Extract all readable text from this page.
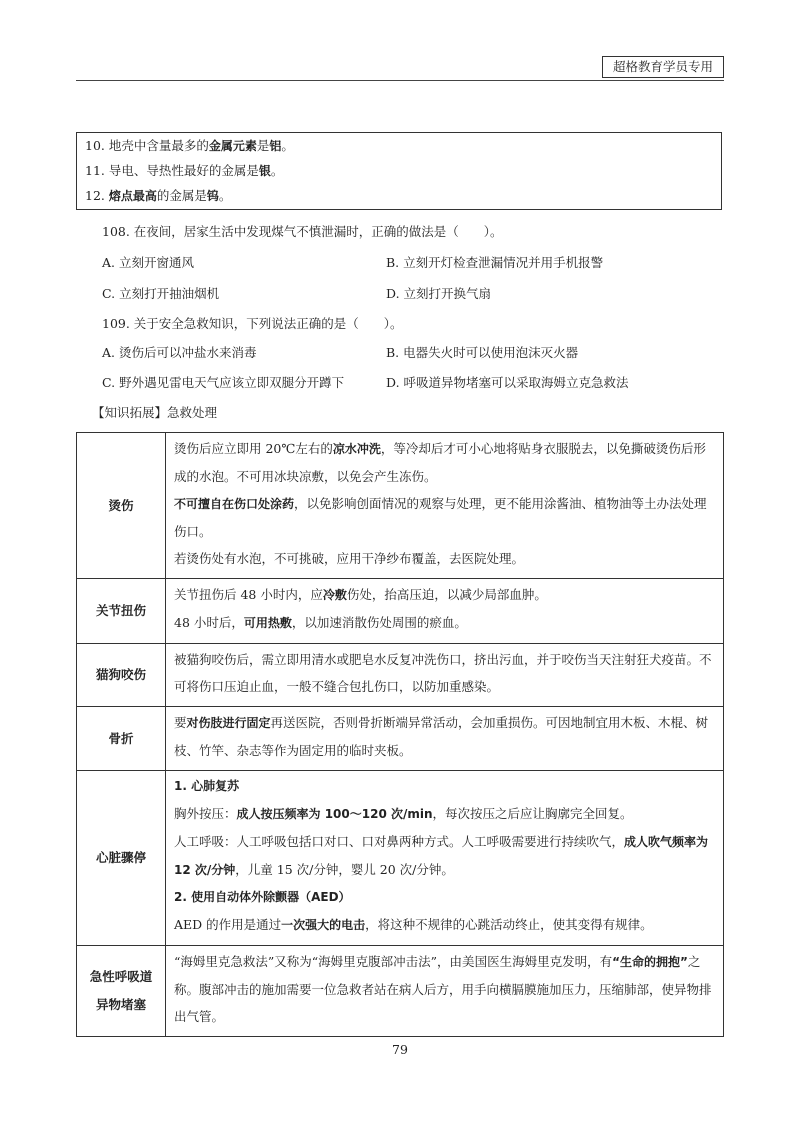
超格教育学员专用
10. 地壳中含量最多的金属元素是铝。
11. 导电、导热性最好的金属是银。
12. 熔点最高的金属是钨。
108. 在夜间，居家生活中发现煤气不慎泄漏时，正确的做法是（　　）。
A. 立刻开窗通风	B. 立刻开灯检查泄漏情况并用手机报警
C. 立刻打开抽油烟机	D. 立刻打开换气扇
109. 关于安全急救知识，下列说法正确的是（　　）。
A. 烫伤后可以冲盐水来消毒	B. 电器失火时可以使用泡沫灭火器
C. 野外遇见雷电天气应该立即双腿分开蹲下	D. 呼吸道异物堵塞可以采取海姆立克急救法
【知识拓展】急救处理
烫伤	烫伤后应立即用 20℃左右的凉水冲洗，等冷却后才可小心地将贴身衣服脱去，以免撕破烫伤后形成的水泡。不可用冰块凉敷，以免会产生冻伤。
不可擅自在伤口处涂药，以免影响创面情况的观察与处理，更不能用涂酱油、植物油等土办法处理伤口。
若烫伤处有水泡，不可挑破，应用干净纱布覆盖，去医院处理。

关节扭伤	关节扭伤后 48 小时内，应冷敷伤处，抬高压迫，以减少局部血肿。
48 小时后，可用热敷，以加速消散伤处周围的瘀血。

猫狗咬伤	被猫狗咬伤后，需立即用清水或肥皂水反复冲洗伤口，挤出污血，并于咬伤当天注射狂犬疫苗。不可将伤口压迫止血，一般不缝合包扎伤口，以防加重感染。

骨折	要对伤肢进行固定再送医院，否则骨折断端异常活动，会加重损伤。可因地制宜用木板、木棍、树枝、竹竿、杂志等作为固定用的临时夹板。

心脏骤停	1. 心肺复苏
胸外按压：成人按压频率为 100～120 次/min，每次按压之后应让胸廓完全回复。
人工呼吸：人工呼吸包括口对口、口对鼻两种方式。人工呼吸需要进行持续吹气，成人吹气频率为 12 次/分钟，儿童 15 次/分钟，婴儿 20 次/分钟。
2. 使用自动体外除颤器（AED）
AED 的作用是通过一次强大的电击，将这种不规律的心跳活动终止，使其变得有规律。

急性呼吸道
异物堵塞	“海姆里克急救法”又称为“海姆里克腹部冲击法”，由美国医生海姆里克发明，有“生命的拥抱”之称。腹部冲击的施加需要一位急救者站在病人后方，用手向横膈膜施加压力，压缩肺部，使异物排出气管。
79
